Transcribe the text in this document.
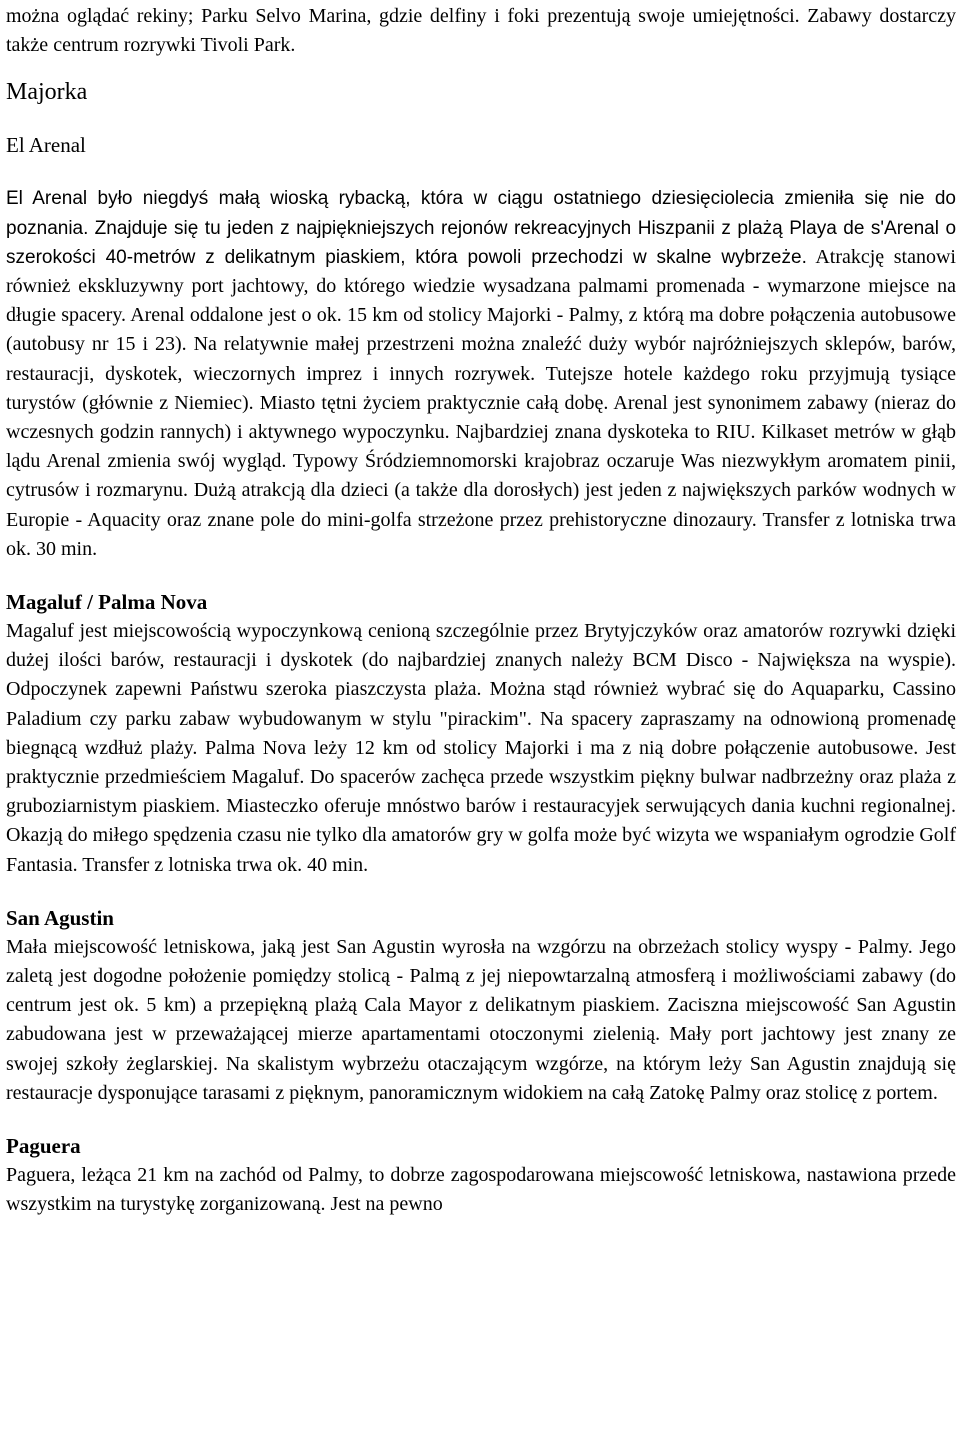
można oglądać rekiny; Parku Selvo Marina, gdzie delfiny i foki prezentują swoje umiejętności. Zabawy dostarczy także centrum rozrywki Tivoli Park.

Majorka
El Arenal

El Arenal było niegdyś małą wioską rybacką, która w ciągu ostatniego dziesięciolecia zmieniła się nie do poznania. Znajduje się tu jeden z najpiękniejszych rejonów rekreacyjnych Hiszpanii z plażą Playa de s'Arenal o szerokości 40-metrów z delikatnym piaskiem, która powoli przechodzi w skalne wybrzeże. Atrakcję stanowi również ekskluzywny port jachtowy, do którego wiedzie wysadzana palmami promenada - wymarzone miejsce na długie spacery. Arenal oddalone jest o ok. 15 km od stolicy Majorki - Palmy, z którą ma dobre połączenia autobusowe (autobusy nr 15 i 23). Na relatywnie małej przestrzeni można znaleźć duży wybór najróżniejszych sklepów, barów, restauracji, dyskotek, wieczornych imprez i innych rozrywek. Tutejsze hotele każdego roku przyjmują tysiące turystów (głównie z Niemiec). Miasto tętni życiem praktycznie całą dobę. Arenal jest synonimem zabawy (nieraz do wczesnych godzin rannych) i aktywnego wypoczynku. Najbardziej znana dyskoteka to RIU. Kilkaset metrów w głąb lądu Arenal zmienia swój wygląd. Typowy Śródziemnomorski krajobraz oczaruje Was niezwykłym aromatem pinii, cytrusów i rozmarynu. Dużą atrakcją dla dzieci (a także dla dorosłych) jest jeden z największych parków wodnych w Europie - Aquacity oraz znane pole do mini-golfa strzeżone przez prehistoryczne dinozaury. Transfer z lotniska trwa ok. 30 min.

Magaluf / Palma Nova

Magaluf jest miejscowością wypoczynkową cenioną szczególnie przez Brytyjczyków oraz amatorów rozrywki dzięki dużej ilości barów, restauracji i dyskotek (do najbardziej znanych należy BCM Disco - Największa na wyspie). Odpoczynek zapewni Państwu szeroka piaszczysta plaża. Można stąd również wybrać się do Aquaparku, Cassino Paladium czy parku zabaw wybudowanym w stylu "pirackim". Na spacery zapraszamy na odnowioną promenadę biegnącą wzdłuż plaży. Palma Nova leży 12 km od stolicy Majorki i ma z nią dobre połączenie autobusowe. Jest praktycznie przedmieściem Magaluf. Do spacerów zachęca przede wszystkim piękny bulwar nadbrzeżny oraz plaża z gruboziarnistym piaskiem. Miasteczko oferuje mnóstwo barów i restauracyjek serwujących dania kuchni regionalnej. Okazją do miłego spędzenia czasu nie tylko dla amatorów gry w golfa może być wizyta we wspaniałym ogrodzie Golf Fantasia. Transfer z lotniska trwa ok. 40 min.

San Agustin

Mała miejscowość letniskowa, jaką jest San Agustin wyrosła na wzgórzu na obrzeżach stolicy wyspy - Palmy. Jego zaletą jest dogodne położenie pomiędzy stolicą - Palmą z jej niepowtarzalną atmosferą i możliwościami zabawy (do centrum jest ok. 5 km) a przepiękną plażą Cala Mayor z delikatnym piaskiem. Zaciszna miejscowość San Agustin zabudowana jest w przeważającej mierze apartamentami otoczonymi zielenią. Mały port jachtowy jest znany ze swojej szkoły żeglarskiej. Na skalistym wybrzeżu otaczającym wzgórze, na którym leży San Agustin znajdują się restauracje dysponujące tarasami z pięknym, panoramicznym widokiem na całą Zatokę Palmy oraz stolicę z portem.

Paguera

Paguera, leżąca 21 km na zachód od Palmy, to dobrze zagospodarowana miejscowość letniskowa, nastawiona przede wszystkim na turystykę zorganizowaną. Jest na pewno
